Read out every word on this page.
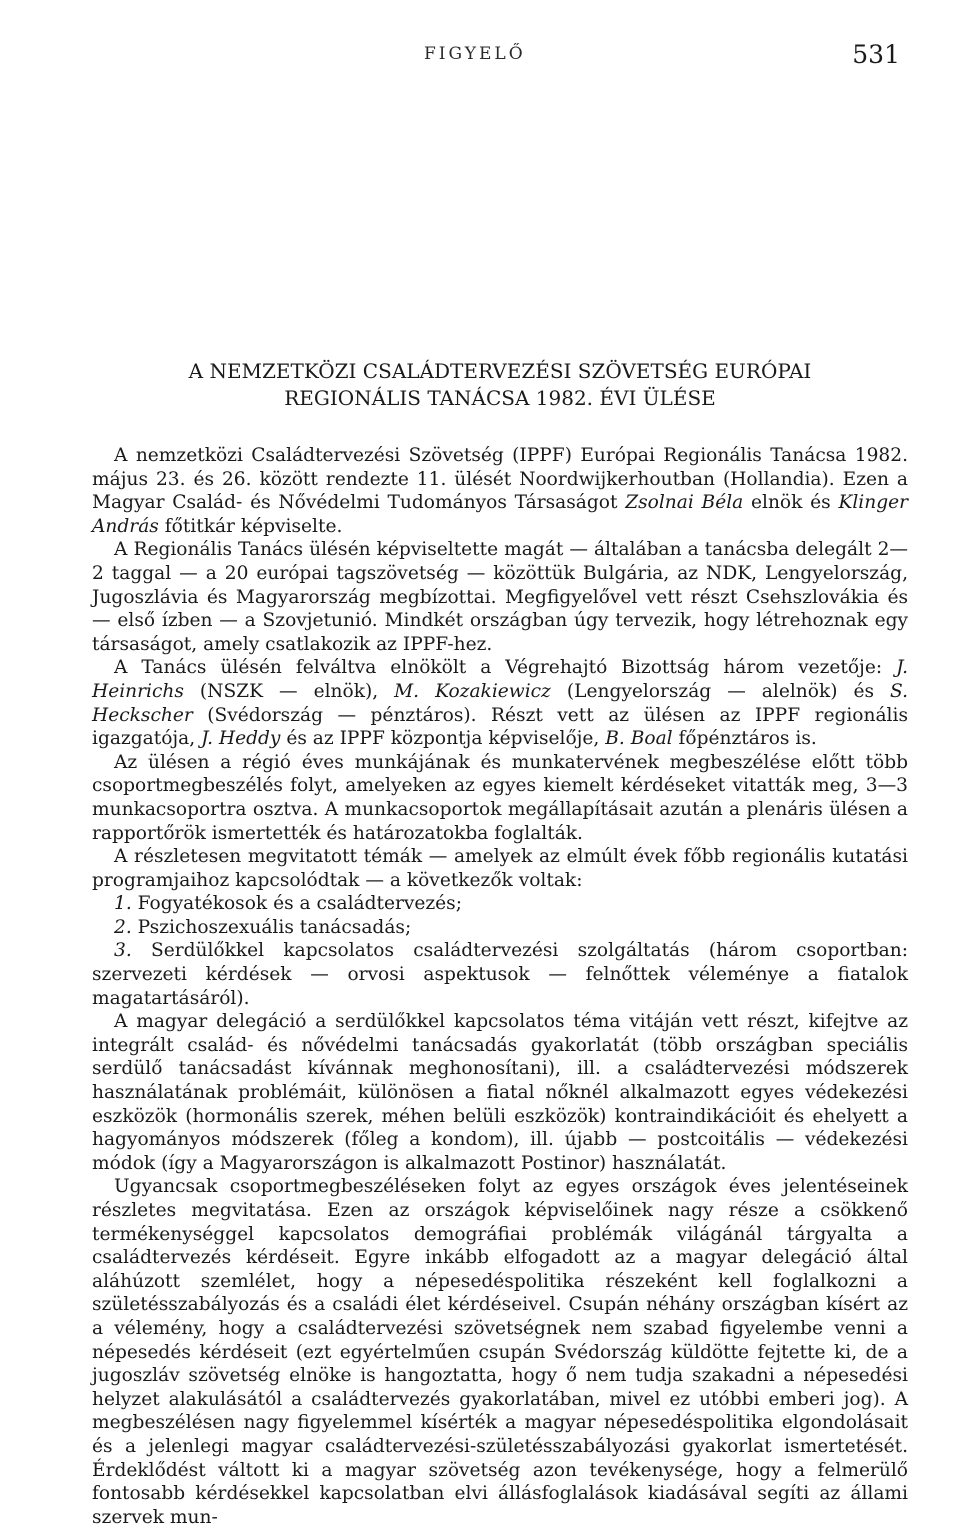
FIGYELŐ	531
A NEMZETKÖZI CSALÁDTERVEZÉSI SZÖVETSÉG EURÓPAI
REGIONÁLIS TANÁCSA 1982. ÉVI ÜLÉSE

A nemzetközi Családtervezési Szövetség (IPPF) Európai Regionális Tanácsa 1982. május 23. és 26. között rendezte 11. ülését Noordwijkerhoutban (Hollandia). Ezen a Magyar Család- és Nővédelmi Tudományos Társaságot Zsolnai Béla elnök és Klinger András főtitkár képviselte.

A Regionális Tanács ülésén képviseltette magát — általában a tanácsba delegált 2—2 taggal — a 20 európai tagszövetség — közöttük Bulgária, az NDK, Lengyelország, Jugoszlávia és Magyarország megbízottai. Megfigyelővel vett részt Csehszlovákia és — első ízben — a Szovjetunió. Mindkét országban úgy tervezik, hogy létrehoznak egy társaságot, amely csatlakozik az IPPF-hez.

A Tanács ülésén felváltva elnökölt a Végrehajtó Bizottság három vezetője: J. Heinrichs (NSZK — elnök), M. Kozakiewicz (Lengyelország — alelnök) és S. Heckscher (Svédország — pénztáros). Részt vett az ülésen az IPPF regionális igazgatója, J. Heddy és az IPPF központja képviselője, B. Boal főpénztáros is.

Az ülésen a régió éves munkájának és munkatervének megbeszélése előtt több csoportmegbeszélés folyt, amelyeken az egyes kiemelt kérdéseket vitatták meg, 3—3 munkacsoportra osztva. A munkacsoportok megállapításait azután a plenáris ülésen a rapportőrök ismertették és határozatokba foglalták.

A részletesen megvitatott témák — amelyek az elmúlt évek főbb regionális kutatási programjaihoz kapcsolódtak — a következők voltak:

1. Fogyatékosok és a családtervezés;
2. Pszichoszexuális tanácsadás;
3. Serdülőkkel kapcsolatos családtervezési szolgáltatás (három csoportban: szervezeti kérdések — orvosi aspektusok — felnőttek véleménye a fiatalok magatartásáról).

A magyar delegáció a serdülőkkel kapcsolatos téma vitáján vett részt, kifejtve az integrált család- és nővédelmi tanácsadás gyakorlatát (több országban speciális serdülő tanácsadást kívánnak meghonosítani), ill. a családtervezési módszerek használatának problémáit, különösen a fiatal nőknél alkalmazott egyes védekezési eszközök (hormonális szerek, méhen belüli eszközök) kontraindikációit és ehelyett a hagyományos módszerek (főleg a kondom), ill. újabb — postcoitális — védekezési módok (így a Magyarországon is alkalmazott Postinor) használatát.

Ugyancsak csoportmegbeszéléseken folyt az egyes országok éves jelentéseinek részletes megvitatása. Ezen az országok képviselőinek nagy része a csökkenő termékenységgel kapcsolatos demográfiai problémák világánál tárgyalta a családtervezés kérdéseit. Egyre inkább elfogadott az a magyar delegáció által aláhúzott szemlélet, hogy a népesedéspolitika részeként kell foglalkozni a születésszabályozás és a családi élet kérdéseivel. Csupán néhány országban kísért az a vélemény, hogy a családtervezési szövetségnek nem szabad figyelembe venni a népesedés kérdéseit (ezt egyértelműen csupán Svédország küldötte fejtette ki, de a jugoszláv szövetség elnöke is hangoztatta, hogy ő nem tudja szakadni a népesedési helyzet alakulásától a családtervezés gyakorlatában, mivel ez utóbbi emberi jog). A megbeszélésen nagy figyelemmel kísérték a magyar népesedéspolitika elgondolásait és a jelenlegi magyar családtervezési-születésszabályozási gyakorlat ismertetését. Érdeklődést váltott ki a magyar szövetség azon tevékenysége, hogy a felmerülő fontosabb kérdésekkel kapcsolatban elvi állásfoglalások kiadásával segíti az állami szervek mun-
